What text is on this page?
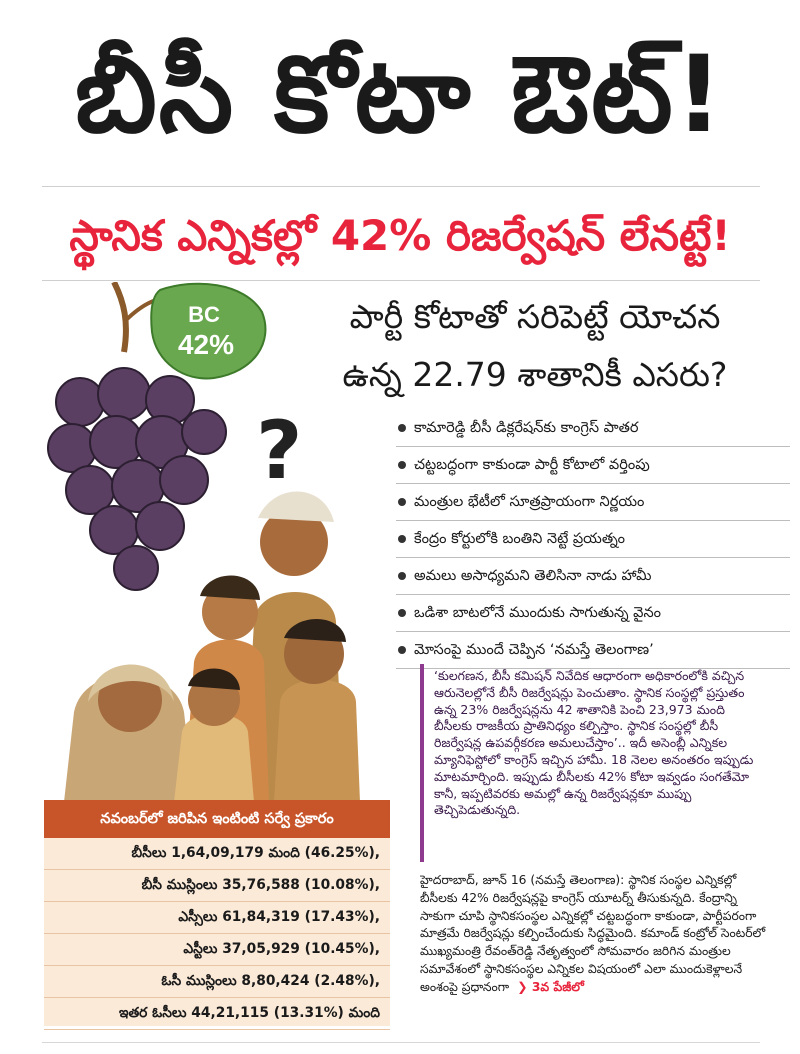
బీసీ కోటా ఔట్!
స్థానిక ఎన్నికల్లో 42% రిజర్వేషన్ లేనట్టే!
పార్టీ కోటాతో సరిపెట్టే యోచన
ఉన్న 22.79 శాతానికీ ఎసరు?
BC
42%
?	కామారెడ్డి బీసీ డిక్లరేషన్‌కు కాంగ్రెస్ పాతర
చట్టబద్ధంగా కాకుండా పార్టీ కోటాలో వర్తింపు
మంత్రుల భేటీలో సూత్రప్రాయంగా నిర్ణయం
కేంద్రం కోర్టులోకి బంతిని నెట్టే ప్రయత్నం
అమలు అసాధ్యమని తెలిసినా నాడు హామీ
ఒడిశా బాటలోనే ముందుకు సాగుతున్న వైనం
మోసంపై ముందే చెప్పిన ‘నమస్తే తెలంగాణ’
‘కులగణన, బీసీ కమిషన్ నివేదిక ఆధారంగా అధికారంలోకి వచ్చిన ఆరునెలల్లోనే బీసీ రిజర్వేషన్లు పెంచుతాం. స్థానిక సంస్థల్లో ప్రస్తుతం ఉన్న 23% రిజర్వేషన్లను 42 శాతానికి పెంచి 23,973 మంది బీసీలకు రాజకీయ ప్రాతినిధ్యం కల్పిస్తాం. స్థానిక సంస్థల్లో బీసీ రిజర్వేషన్ల ఉపవర్గీకరణ అమలుచేస్తాం’.. ఇదీ అసెంబ్లీ ఎన్నికల మ్యానిఫెస్టోలో కాంగ్రెస్ ఇచ్చిన హామీ. 18 నెలల అనంతరం ఇప్పుడు మాటమార్చింది. ఇప్పుడు బీసీలకు 42% కోటా ఇవ్వడం సంగతేమో కానీ, ఇప్పటివరకు అమల్లో ఉన్న రిజర్వేషన్లకూ ముప్పు తెచ్చిపెడుతున్నది.
హైదరాబాద్, జూన్ 16 (నమస్తే తెలంగాణ): స్థానిక సంస్థల ఎన్నికల్లో బీసీలకు 42% రిజర్వేషన్లపై కాంగ్రెస్ యూటర్న్ తీసుకున్నది. కేంద్రాన్ని సాకుగా చూపి స్థానికసంస్థల ఎన్నికల్లో చట్టబద్ధంగా కాకుండా, పార్టీపరంగా మాత్రమే రిజర్వేషన్లు కల్పించేందుకు సిద్ధమైంది. కమాండ్ కంట్రోల్ సెంటర్‌లో ముఖ్యమంత్రి రేవంత్‌రెడ్డి నేతృత్వంలో సోమవారం జరిగిన మంత్రుల సమావేశంలో స్థానికసంస్థల ఎన్నికల విషయంలో ఎలా ముందుకెళ్లాలనే అంశంపై ప్రధానంగా  ❯ 3వ పేజీలో
నవంబర్‌లో జరిపిన ఇంటింటి సర్వే ప్రకారం
బీసీలు 1,64,09,179 మంది (46.25%),
బీసీ ముస్లింలు 35,76,588 (10.08%),
ఎస్సీలు 61,84,319 (17.43%),
ఎస్టీలు 37,05,929 (10.45%),
ఓసీ ముస్లింలు 8,80,424 (2.48%),
ఇతర ఓసీలు 44,21,115 (13.31%) మంది
